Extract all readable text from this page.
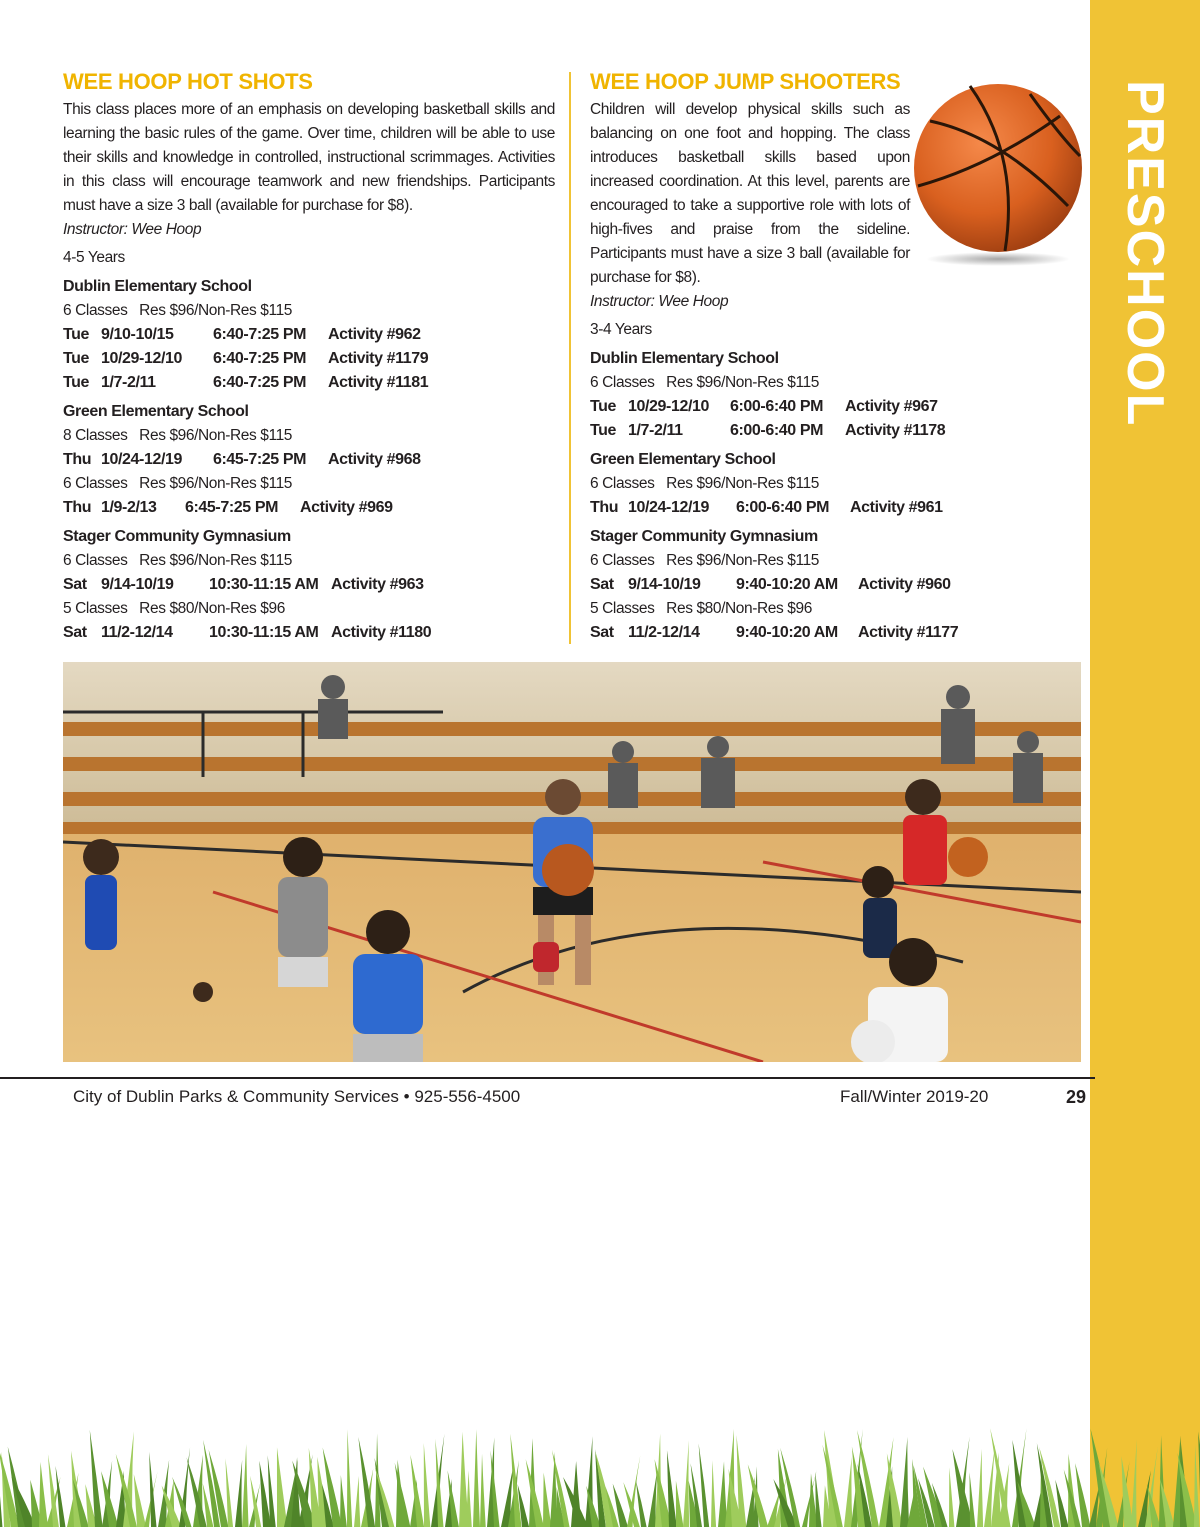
PRESCHOOL
WEE HOOP HOT SHOTS

This class places more of an emphasis on developing basketball skills and learning the basic rules of the game. Over time, children will be able to use their skills and knowledge in controlled, instructional scrimmages. Activities in this class will encourage teamwork and new friendships. Participants must have a size 3 ball (available for purchase for $8).

Instructor: Wee Hoop
4-5 Years
Dublin Elementary School
6 Classes   Res $96/Non-Res $115
Tue 9/10-10/15	6:40-7:25 PM	Activity #962
Tue 10/29-12/10	6:40-7:25 PM	Activity #1179
Tue 1/7-2/11	6:40-7:25 PM	Activity #1181
Green Elementary School
8 Classes   Res $96/Non-Res $115
Thu 10/24-12/19	6:45-7:25 PM	Activity #968
6 Classes   Res $96/Non-Res $115
Thu 1/9-2/13	6:45-7:25 PM	Activity #969
Stager Community Gymnasium
6 Classes   Res $96/Non-Res $115
Sat 9/14-10/19	10:30-11:15 AM Activity #963
5 Classes   Res $80/Non-Res $96
Sat 11/2-12/14	10:30-11:15 AM Activity #1180
WEE HOOP JUMP SHOOTERS

Children will develop physical skills such as balancing on one foot and hopping. The class introduces basketball skills based upon increased coordination. At this level, parents are encouraged to take a supportive role with lots of high-fives and praise from the sideline. Participants must have a size 3 ball (available for purchase for $8).

Instructor: Wee Hoop
3-4 Years
Dublin Elementary School
6 Classes   Res $96/Non-Res $115
Tue 10/29-12/10	6:00-6:40 PM	Activity #967
Tue 1/7-2/11	6:00-6:40 PM	Activity #1178
Green Elementary School
6 Classes   Res $96/Non-Res $115
Thu 10/24-12/19	6:00-6:40 PM	Activity #961
Stager Community Gymnasium
6 Classes   Res $96/Non-Res $115
Sat 9/14-10/19	9:40-10:20 AM	Activity #960
5 Classes   Res $80/Non-Res $96
Sat 11/2-12/14	9:40-10:20 AM	Activity #1177
City of Dublin Parks & Community Services • 925-556-4500	Fall/Winter 2019-20	29
